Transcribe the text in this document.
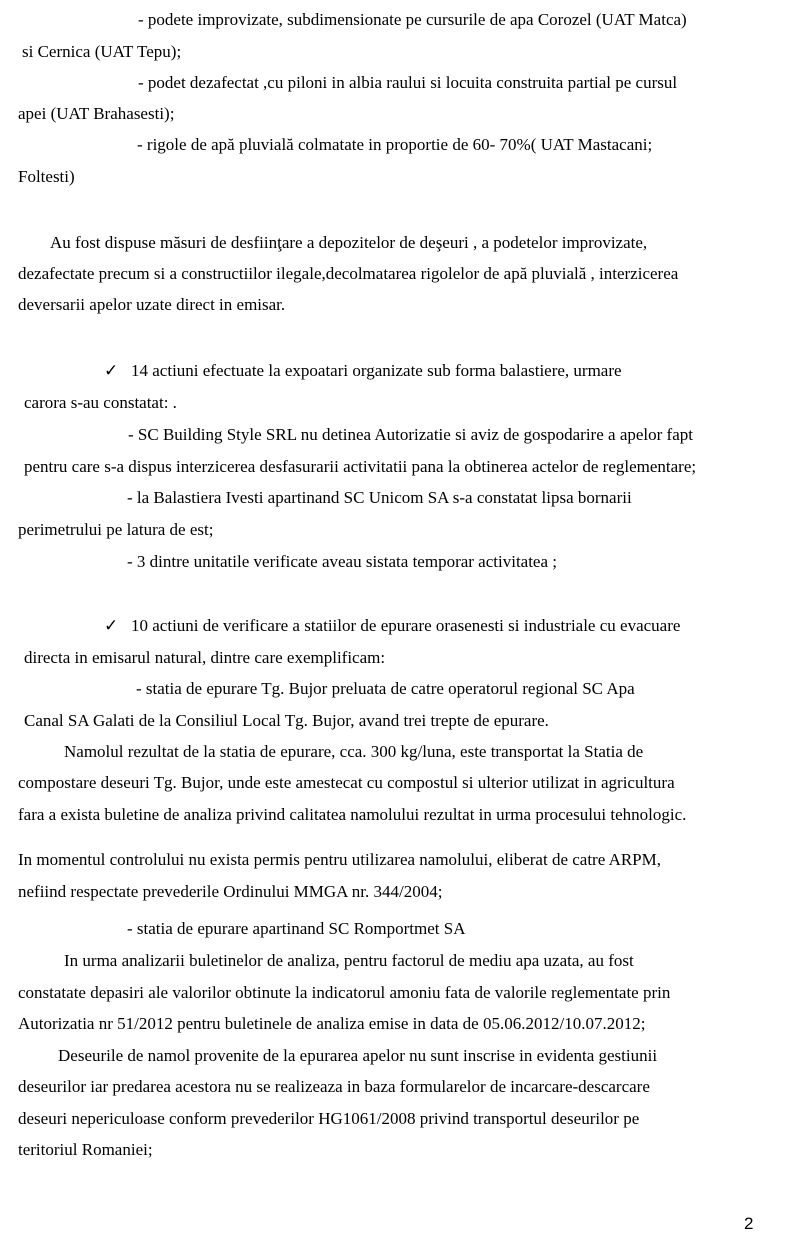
- podete improvizate, subdimensionate pe cursurile de apa Corozel (UAT Matca)
si Cernica (UAT Tepu);
- podet dezafectat ,cu piloni in albia raului si locuita construita partial pe cursul
apei (UAT Brahasesti);
- rigole de apă pluvială colmatate in proportie de 60- 70%( UAT Mastacani;
Foltesti)
Au fost dispuse măsuri de desfiinţare a depozitelor de deşeuri , a podetelor improvizate,
dezafectate precum si a constructiilor ilegale,decolmatarea rigolelor de apă pluvială , interzicerea
deversarii apelor uzate direct in emisar.
✓ 14 actiuni efectuate la expoatari organizate sub forma balastiere, urmare
carora s-au constatat: .
- SC Building Style SRL nu detinea Autorizatie si aviz de gospodarire a apelor fapt
pentru care s-a dispus interzicerea desfasurarii activitatii pana la obtinerea actelor de reglementare;
- la Balastiera Ivesti apartinand SC Unicom SA s-a constatat lipsa bornarii
perimetrului pe latura de est;
- 3 dintre unitatile verificate aveau sistata temporar activitatea ;
✓ 10 actiuni de verificare a statiilor de epurare orasenesti si industriale cu evacuare
directa in emisarul natural, dintre care exemplificam:
- statia de epurare Tg. Bujor preluata de catre operatorul regional SC Apa
Canal SA Galati de la Consiliul Local Tg. Bujor, avand trei trepte de epurare.
Namolul rezultat de la statia de epurare, cca. 300 kg/luna, este transportat la Statia de
compostare deseuri Tg. Bujor, unde este amestecat cu compostul si ulterior utilizat in agricultura
fara a exista buletine de analiza privind calitatea namolului rezultat in urma procesului tehnologic.
In momentul controlului nu exista permis pentru utilizarea namolului, eliberat de catre ARPM,
nefiind respectate prevederile Ordinului MMGA nr. 344/2004;
- statia de epurare apartinand SC Romportmet SA
In urma analizarii buletinelor de analiza, pentru factorul de mediu apa uzata, au fost
constatate depasiri ale valorilor obtinute la indicatorul amoniu fata de valorile reglementate prin
Autorizatia nr 51/2012 pentru buletinele de analiza emise in data de 05.06.2012/10.07.2012;
Deseurile de namol provenite de la epurarea apelor nu sunt inscrise in evidenta gestiunii
deseurilor iar predarea acestora nu se realizeaza in baza formularelor de incarcare-descarcare
deseuri nepericuloase conform prevederilor HG1061/2008 privind transportul deseurilor pe
teritoriul Romaniei;
2
